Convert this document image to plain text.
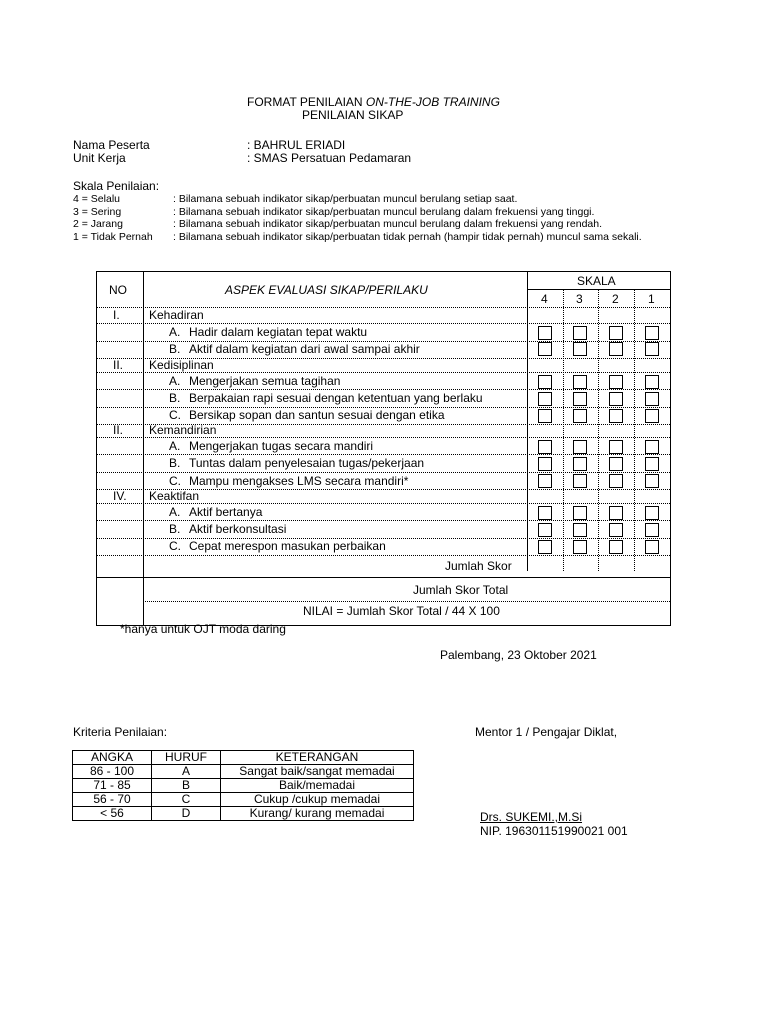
FORMAT PENILAIAN ON-THE-JOB TRAINING
PENILAIAN SIKAP
Nama Peserta	: BAHRUL ERIADI
Unit Kerja	: SMAS Persatuan Pedamaran
Skala Penilaian:
4 = Selalu	: Bilamana sebuah indikator sikap/perbuatan muncul berulang setiap saat.
3 = Sering	: Bilamana sebuah indikator sikap/perbuatan muncul berulang dalam frekuensi yang tinggi.
2 = Jarang	: Bilamana sebuah indikator sikap/perbuatan muncul berulang dalam frekuensi yang rendah.
1 = Tidak Pernah : Bilamana sebuah indikator sikap/perbuatan tidak pernah (hampir tidak pernah) muncul sama sekali.
NO	ASPEK EVALUASI SIKAP/PERILAKU
SKALA
4 3 2 1
I. Kehadiran
A. Hadir dalam kegiatan tepat waktu
B. Aktif dalam kegiatan dari awal sampai akhir
II. Kedisiplinan
A. Mengerjakan semua tagihan
B. Berpakaian rapi sesuai dengan ketentuan yang berlaku
C. Bersikap sopan dan santun sesuai dengan etika
II. Kemandirian
A. Mengerjakan tugas secara mandiri
B. Tuntas dalam penyelesaian tugas/pekerjaan
C. Mampu mengakses LMS secara mandiri*
IV. Keaktifan
A. Aktif bertanya
B. Aktif berkonsultasi
C. Cepat merespon masukan perbaikan
Jumlah Skor
Jumlah Skor Total
NILAI = Jumlah Skor Total / 44 X 100
*hanya untuk OJT moda daring
Palembang, 23 Oktober 2021
Kriteria Penilaian:
ANGKA	HURUF	KETERANGAN
86 - 100	A	Sangat baik/sangat memadai
71 - 85	B	Baik/memadai
56 - 70	C	Cukup /cukup memadai
< 56	D	Kurang/ kurang memadai
Mentor 1 / Pengajar Diklat,
Drs. SUKEMI.,M.Si
NIP. 196301151990021 001
